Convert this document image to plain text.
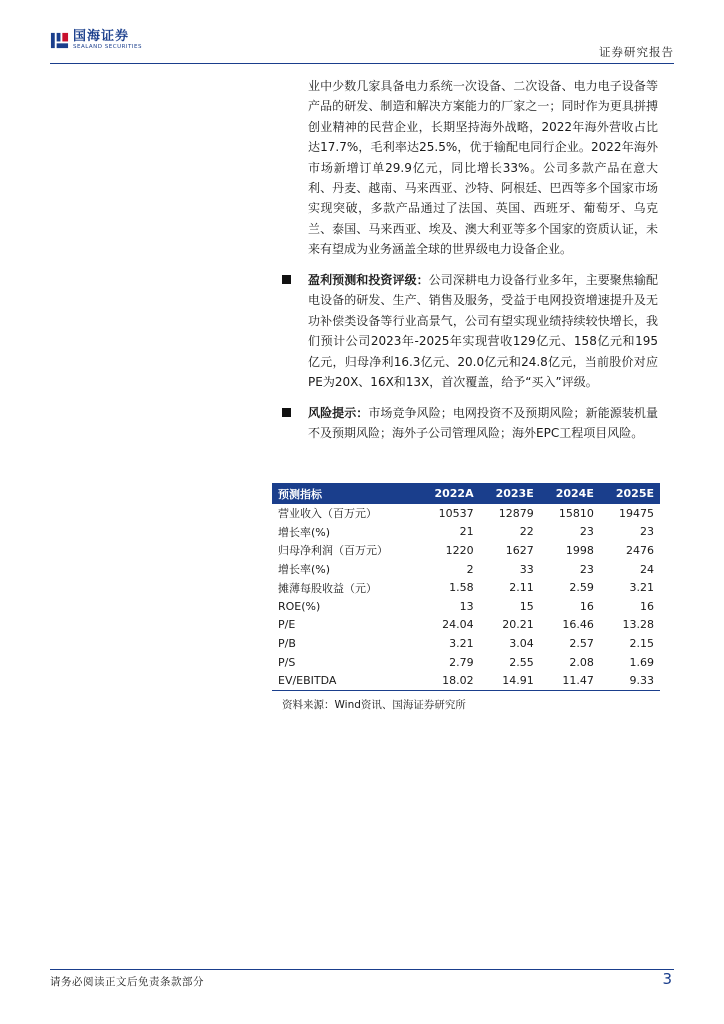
国海证券
SEALAND SECURITIES	证券研究报告
业中少数几家具备电力系统一次设备、二次设备、电力电子设备等产品的研发、制造和解决方案能力的厂家之一；同时作为更具拼搏创业精神的民营企业，长期坚持海外战略，2022年海外营收占比达17.7%，毛利率达25.5%，优于输配电同行企业。2022年海外市场新增订单29.9亿元，同比增长33%。公司多款产品在意大利、丹麦、越南、马来西亚、沙特、阿根廷、巴西等多个国家市场实现突破，多款产品通过了法国、英国、西班牙、葡萄牙、乌克兰、泰国、马来西亚、埃及、澳大利亚等多个国家的资质认证，未来有望成为业务涵盖全球的世界级电力设备企业。
盈利预测和投资评级：公司深耕电力设备行业多年，主要聚焦输配电设备的研发、生产、销售及服务，受益于电网投资增速提升及无功补偿类设备等行业高景气，公司有望实现业绩持续较快增长，我们预计公司2023年-2025年实现营收129亿元、158亿元和195亿元，归母净利16.3亿元、20.0亿元和24.8亿元，当前股价对应PE为20X、16X和13X，首次覆盖，给予“买入”评级。
风险提示：市场竞争风险；电网投资不及预期风险；新能源装机量不及预期风险；海外子公司管理风险；海外EPC工程项目风险。
预测指标	2022A	2023E	2024E	2025E
营业收入（百万元）	10537	12879	15810	19475
增长率(%)	21	22	23	23
归母净利润（百万元）	1220	1627	1998	2476
增长率(%)	2	33	23	24
摊薄每股收益（元）	1.58	2.11	2.59	3.21
ROE(%)	13	15	16	16
P/E	24.04	20.21	16.46	13.28
P/B	3.21	3.04	2.57	2.15
P/S	2.79	2.55	2.08	1.69
EV/EBITDA	18.02	14.91	11.47	9.33
资料来源：Wind资讯、国海证券研究所
请务必阅读正文后免责条款部分	3
